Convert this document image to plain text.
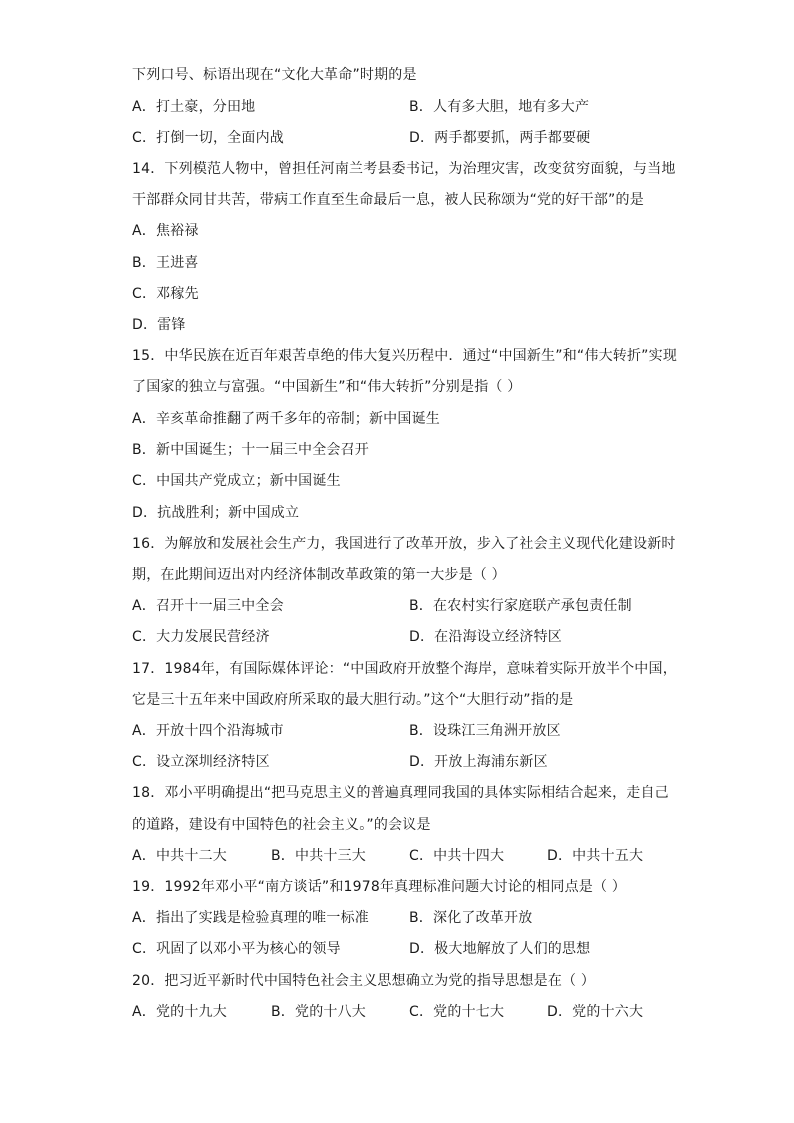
下列口号、标语出现在“文化大革命”时期的是
A．打土豪，分田地	B．人有多大胆，地有多大产
C．打倒一切，全面内战	D．两手都要抓，两手都要硬
14．下列模范人物中，曾担任河南兰考县委书记，为治理灾害，改变贫穷面貌，与当地
干部群众同甘共苦，带病工作直至生命最后一息，被人民称颂为“党的好干部”的是
A．焦裕禄
B．王进喜
C．邓稼先
D．雷锋
15．中华民族在近百年艰苦卓绝的伟大复兴历程中．通过“中国新生”和“伟大转折”实现
了国家的独立与富强。“中国新生”和“伟大转折”分别是指（ ）
A．辛亥革命推翻了两千多年的帝制；新中国诞生
B．新中国诞生；十一届三中全会召开
C．中国共产党成立；新中国诞生
D．抗战胜利；新中国成立
16．为解放和发展社会生产力，我国进行了改革开放，步入了社会主义现代化建设新时
期，在此期间迈出对内经济体制改革政策的第一大步是（ ）
A．召开十一届三中全会	B．在农村实行家庭联产承包责任制
C．大力发展民营经济	D．在沿海设立经济特区
17．1984年，有国际媒体评论：“中国政府开放整个海岸，意味着实际开放半个中国，
它是三十五年来中国政府所采取的最大胆行动。”这个“大胆行动”指的是
A．开放十四个沿海城市	B．设珠江三角洲开放区
C．设立深圳经济特区	D．开放上海浦东新区
18．邓小平明确提出“把马克思主义的普遍真理同我国的具体实际相结合起来，走自己
的道路，建设有中国特色的社会主义。”的会议是
A．中共十二大	B．中共十三大	C．中共十四大	D．中共十五大
19．1992年邓小平“南方谈话”和1978年真理标准问题大讨论的相同点是（ ）
A．指出了实践是检验真理的唯一标准	B．深化了改革开放
C．巩固了以邓小平为核心的领导	D．极大地解放了人们的思想
20．把习近平新时代中国特色社会主义思想确立为党的指导思想是在（ ）
A．党的十九大	B．党的十八大	C．党的十七大	D．党的十六大
